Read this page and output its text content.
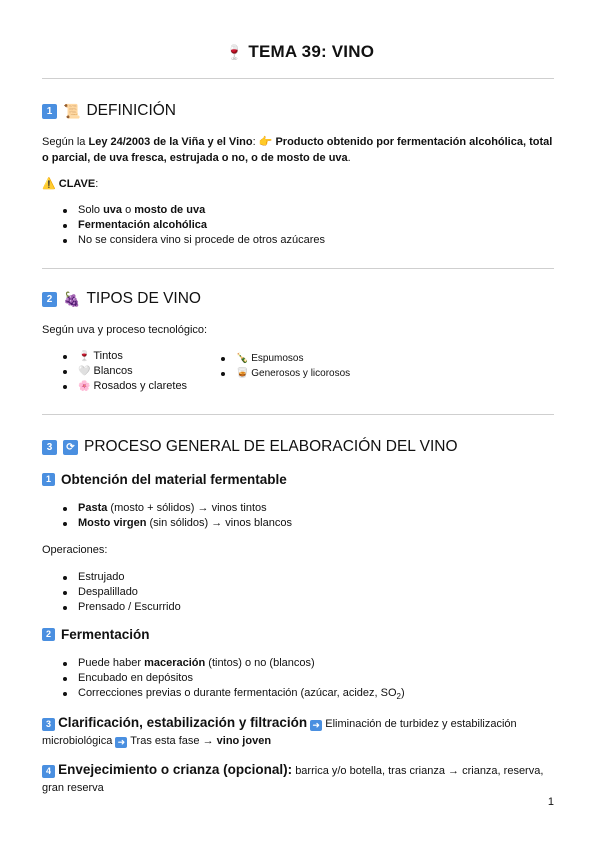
🍷 TEMA 39: VINO
1 📜 DEFINICIÓN
Según la Ley 24/2003 de la Viña y el Vino: 👉 Producto obtenido por fermentación alcohólica, total o parcial, de uva fresca, estrujada o no, o de mosto de uva.
⚠️ CLAVE:
Solo uva o mosto de uva
Fermentación alcohólica
No se considera vino si procede de otros azúcares
2 🍇 TIPOS DE VINO
Según uva y proceso tecnológico:
🍷 Tintos
🤍 Blancos
🌸 Rosados y claretes
🍾 Espumosos
🥃 Generosos y licorosos
3	⟳ PROCESO GENERAL DE ELABORACIÓN DEL VINO
1 Obtención del material fermentable
Pasta (mosto + sólidos) → vinos tintos
Mosto virgen (sin sólidos) → vinos blancos
Operaciones:
Estrujado
Despalillado
Prensado / Escurrido
2 Fermentación
Puede haber maceración (tintos) o no (blancos)
Encubado en depósitos
Correcciones previas o durante fermentación (azúcar, acidez, $SO_2$)
3 Clarificación, estabilización y filtración ➜ Eliminación de turbidez y estabilización
microbiológica ➜ Tras esta fase → vino joven
4 Envejecimiento o crianza (opcional): barrica y/o botella, tras crianza → crianza, reserva,
gran reserva
1
